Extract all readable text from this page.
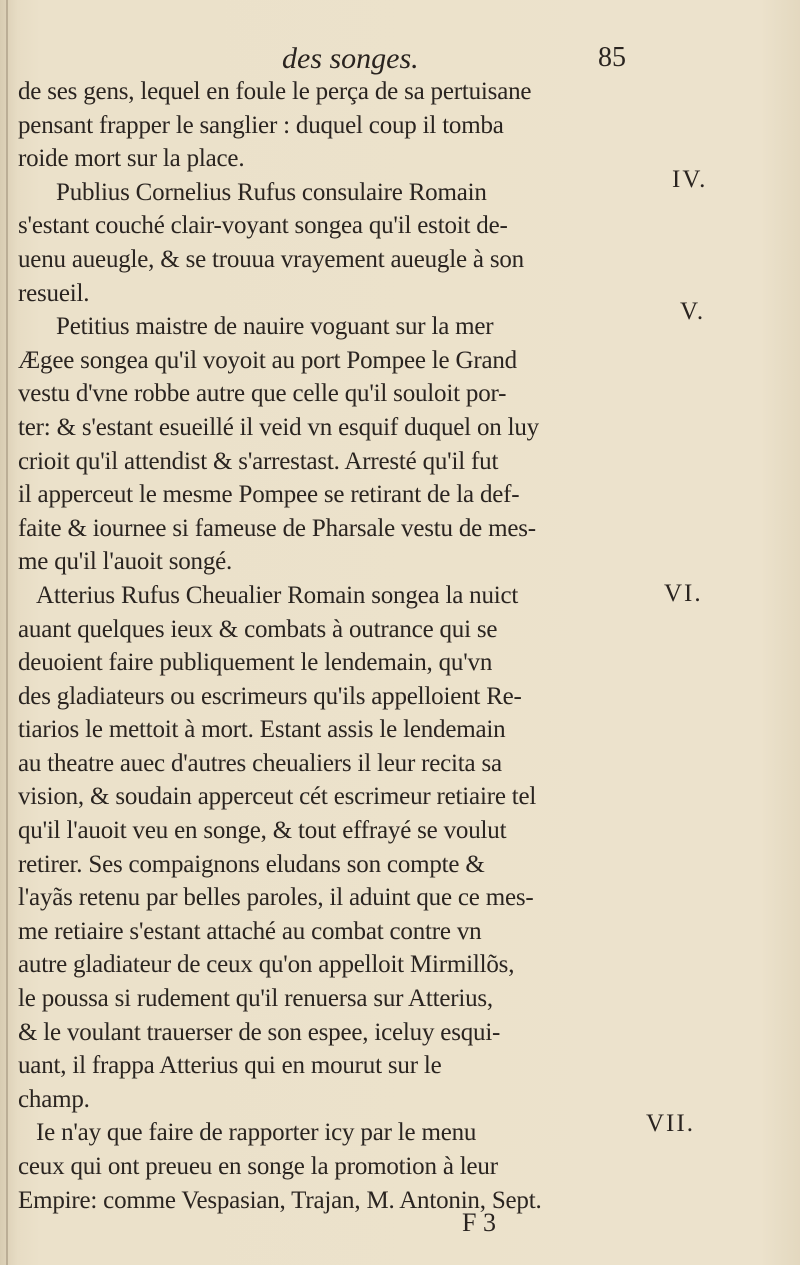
des songes.	85
de ses gens, lequel en foule le perça de sa pertuisane
pensant frapper le sanglier : duquel coup il tomba
roide mort sur la place.
Publius Cornelius Rufus consulaire Romain
s'estant couché clair-voyant songea qu'il estoit de-
uenu aueugle, & se trouua vrayement aueugle à son
resueil.
Petitius maistre de nauire voguant sur la mer
Ægee songea qu'il voyoit au port Pompee le Grand
vestu d'vne robbe autre que celle qu'il souloit por-
ter: & s'estant esueillé il veid vn esquif duquel on luy
crioit qu'il attendist & s'arrestast. Arresté qu'il fut
il apperceut le mesme Pompee se retirant de la def-
faite & iournee si fameuse de Pharsale vestu de mes-
me qu'il l'auoit songé.
Atterius Rufus Cheualier Romain songea la nuict
auant quelques ieux & combats à outrance qui se
deuoient faire publiquement le lendemain, qu'vn
des gladiateurs ou escrimeurs qu'ils appelloient Re-
tiarios le mettoit à mort. Estant assis le lendemain
au theatre auec d'autres cheualiers il leur recita sa
vision, & soudain apperceut cét escrimeur retiaire tel
qu'il l'auoit veu en songe, & tout effrayé se voulut
retirer. Ses compaignons eludans son compte &
l'ayãs retenu par belles paroles, il aduint que ce mes-
me retiaire s'estant attaché au combat contre vn
autre gladiateur de ceux qu'on appelloit Mirmillõs,
le poussa si rudement qu'il renuersa sur Atterius,
& le voulant trauerser de son espee, iceluy esqui-
uant, il frappa Atterius qui en mourut sur le
champ.
Ie n'ay que faire de rapporter icy par le menu
ceux qui ont preueu en songe la promotion à leur
Empire: comme Vespasian, Trajan, M. Antonin, Sept.
IV.
V.
VI.
VII.
F 3
